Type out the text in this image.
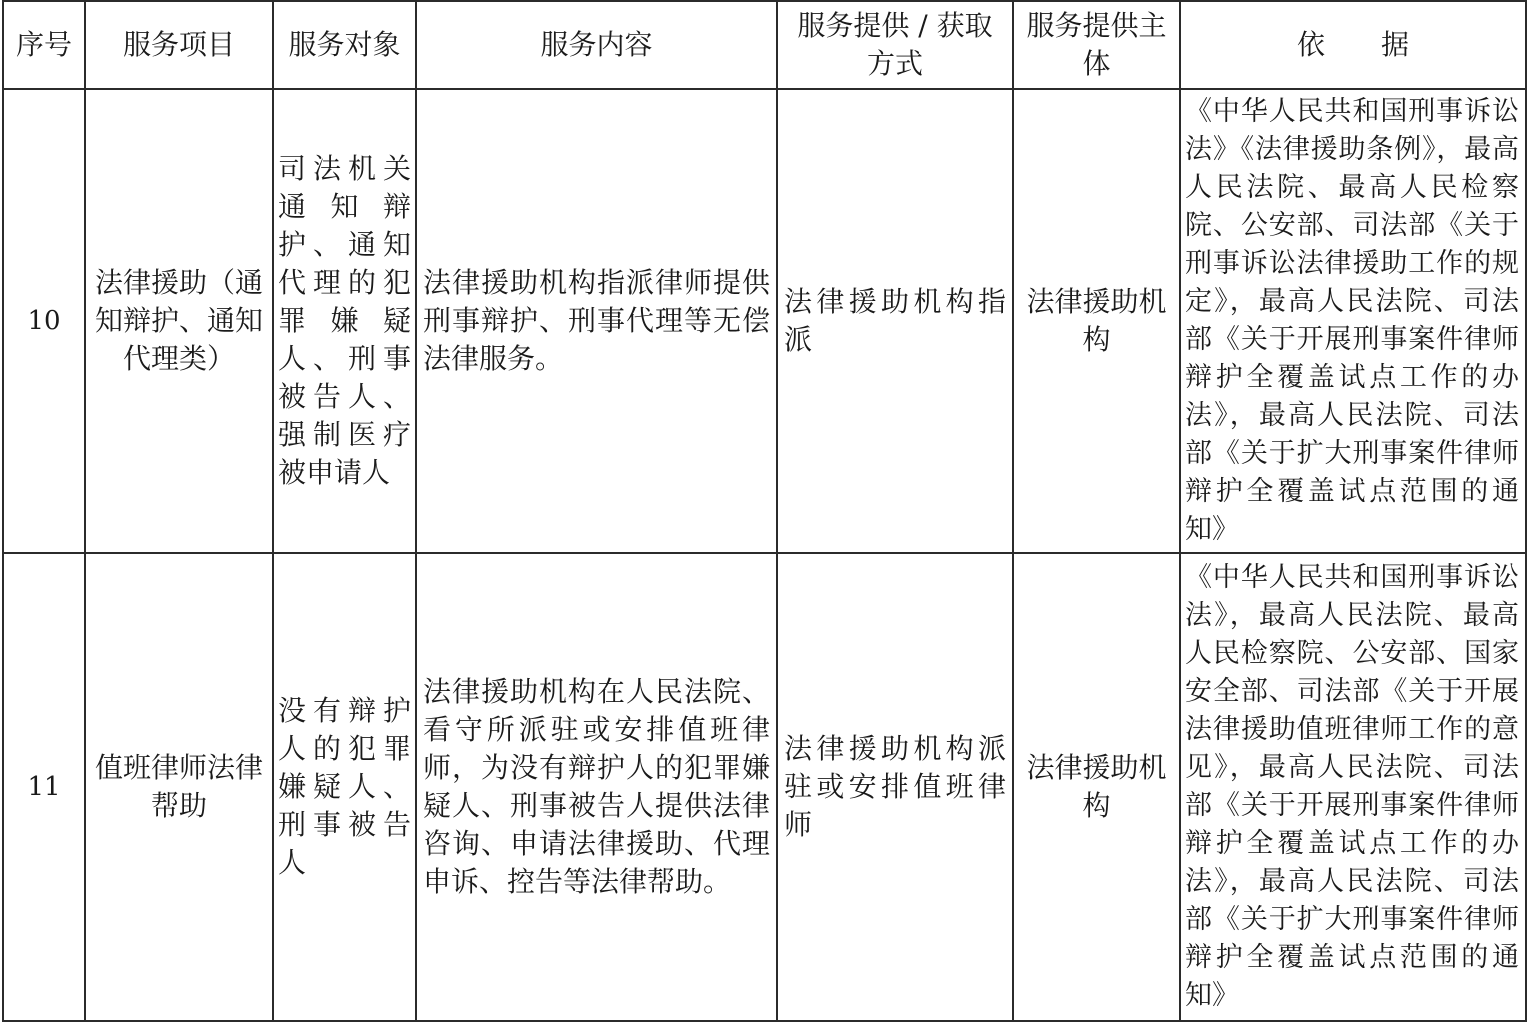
序号	服务项目	服务对象	服务内容	服务提供 / 获取方式	服务提供主体	依　　据
10	法律援助（通知辩护、通知代理类）	司法机关通知辩护、通知代理的犯罪嫌疑人、刑事被告人、强制医疗被申请人	法律援助机构指派律师提供刑事辩护、刑事代理等无偿法律服务。	法律援助机构指派	法律援助机构	《中华人民共和国刑事诉讼法》《法律援助条例》，最高人民法院、最高人民检察院、公安部、司法部《关于刑事诉讼法律援助工作的规定》，最高人民法院、司法部《关于开展刑事案件律师辩护全覆盖试点工作的办法》，最高人民法院、司法部《关于扩大刑事案件律师辩护全覆盖试点范围的通知》
11	值班律师法律帮助	没有辩护人的犯罪嫌疑人、刑事被告人	法律援助机构在人民法院、看守所派驻或安排值班律师，为没有辩护人的犯罪嫌疑人、刑事被告人提供法律咨询、申请法律援助、代理申诉、控告等法律帮助。	法律援助机构派驻或安排值班律师	法律援助机构	《中华人民共和国刑事诉讼法》，最高人民法院、最高人民检察院、公安部、国家安全部、司法部《关于开展法律援助值班律师工作的意见》，最高人民法院、司法部《关于开展刑事案件律师辩护全覆盖试点工作的办法》，最高人民法院、司法部《关于扩大刑事案件律师辩护全覆盖试点范围的通知》
